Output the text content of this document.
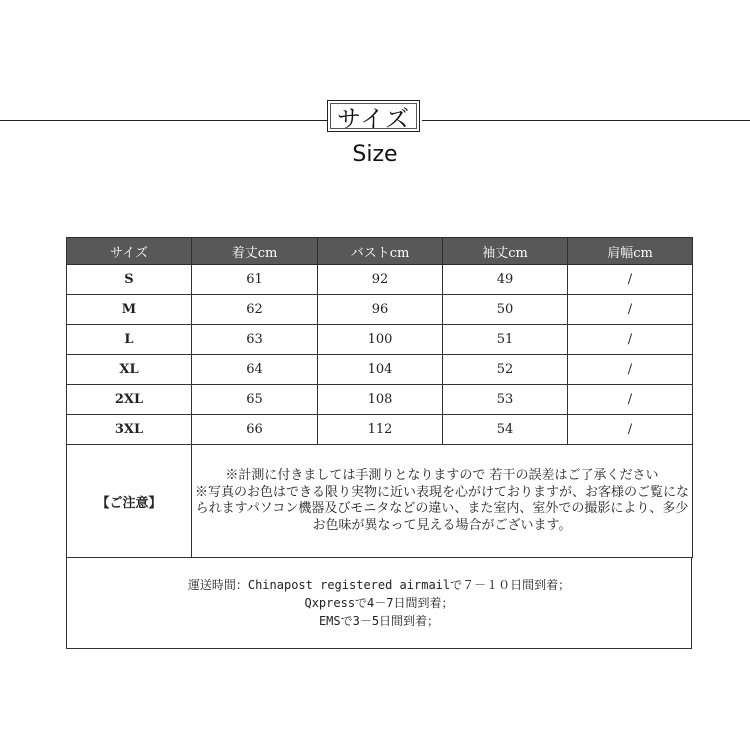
サイズ
Size
サイズ	着丈cm	バストcm	袖丈cm	肩幅cm
S	61	92	49	/
M	62	96	50	/
L	63	100	51	/
XL	64	104	52	/
2XL	65	108	53	/
3XL	66	112	54	/
【ご注意】	※計測に付きましては手測りとなりますので 若干の誤差はご了承ください

※写真のお色はできる限り実物に近い表現を心がけておりますが、お客様のご覧になられますパソコン機器及びモニタなどの違い、また室内、室外での撮影により、多少お色味が異なって見える場合がございます。			

運送時間：Chinapost registered airmailで７－１０日間到着；
Qxpressで4－7日間到着；
EMSで3－5日間到着；
